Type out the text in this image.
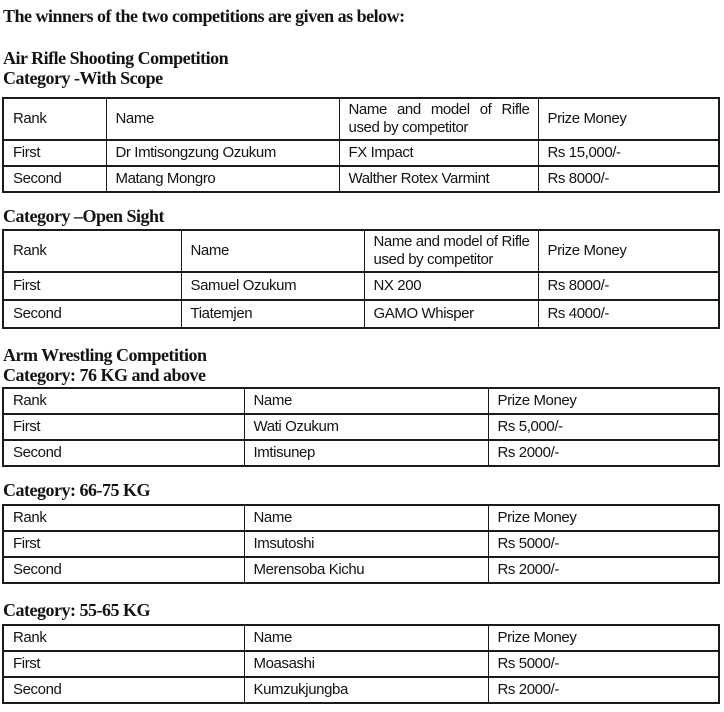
The winners of the two competitions are given as below:

Air Rifle Shooting Competition
Category -With Scope
Rank	Name	Name and model of Rifle used by competitor	Prize Money
First	Dr Imtisongzung Ozukum	FX Impact	Rs 15,000/-
Second	Matang Mongro	Walther Rotex Varmint	Rs 8000/-
Category –Open Sight
Rank	Name	Name and model of Rifle used by competitor	Prize Money
First	Samuel Ozukum	NX 200	Rs 8000/-
Second	Tiatemjen	GAMO Whisper	Rs 4000/-
Arm Wrestling Competition
Category: 76 KG and above
Rank	Name	Prize Money
First	Wati Ozukum	Rs 5,000/-
Second	Imtisunep	Rs 2000/-
Category: 66-75 KG
Rank	Name	Prize Money
First	Imsutoshi	Rs 5000/-
Second	Merensoba Kichu	Rs 2000/-
Category: 55-65 KG
Rank	Name	Prize Money
First	Moasashi	Rs 5000/-
Second	Kumzukjungba	Rs 2000/-
